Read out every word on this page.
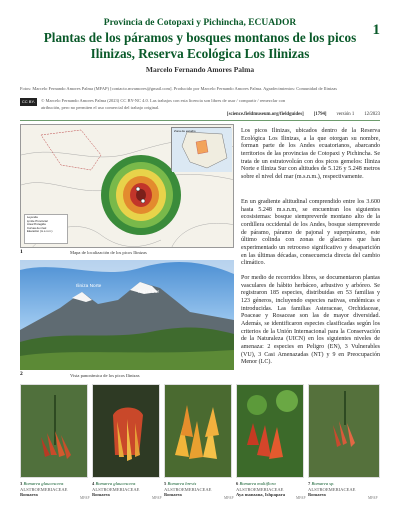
Provincia de Cotopaxi y Pichincha, ECUADOR
Plantas de los páramos y bosques montanos de los picos
Ilinizas, Reserva Ecológica Los Ilinizas
Marcelo Fernando Amores Palma
1
Fotos: Marcelo Fernando Amores Palma (MFAP) [contacto.mvamores@gmail.com]. Producido por Marcelo Fernando Amores Palma. Agradecimientos: Comunidad de Ilinizas
CC BY-NC
© Marcelo Fernando Amores Palma (2023) CC BY-NC 4.0. Las trabajos con esta licencia son libres de usar / compartir / remezclar con atribución, pero no permiten el uso comercial del trabajo original.
[science.fieldmuseum.org/fieldguides] [1794] versión 1 12/2023
Zona de estudio
Leyenda
Límite Provincial
Área Protegida
Curvas de nivel
Elevación (m.s.n.m.)
1	Mapa de localización de los picos Ilinizas
Iliniza Norte
Iliniza Sur
2	Vista panorámica de los picos Ilinizas

Los picos Ilinizas, ubicados dentro de la Reserva Ecológica Los Ilinizas, a la que otorgan su nombre, forman parte de los Andes ecuatorianos, abarcando territorios de las provincias de Cotopaxi y Pichincha. Se trata de un estratovolcán con dos picos gemelos: Iliniza Norte e Iliniza Sur con altitudes de 5.126 y 5.248 metros sobre el nivel del mar (m.s.n.m.), respectivamente.

En un gradiente altitudinal comprendido entre los 3.600 hasta 5.248 m.s.n.m, se encuentran los siguientes ecosistemas: bosque siempreverde montano alto de la cordillera occidental de los Andes, bosque siempreverde de páramo, páramo de pajonal y superpáramo, este último colinda con zonas de glaciares que han experimentado un retroceso significativo y desaparición en las últimas décadas, consecuencia directa del cambio climático.

Por medio de recorridos libres, se documentaron plantas vasculares de hábito herbáceo, arbustivo y arbóreo. Se registraron 185 especies, distribuidas en 53 familias y 123 géneros, incluyendo especies nativas, endémicas e introducidas. Las familias Asteraceae, Orchidaceae, Poaceae y Rosaceae son las de mayor diversidad. Además, se identificaron especies clasificadas según los criterios de la Unión Internacional para la Conservación de la Naturaleza (UICN) en los siguientes niveles de amenaza: 2 especies en Peligro (EN), 3 Vulnerables (VU), 3 Casi Amenazadas (NT) y 9 en Preocupación Menor (LC).

3 Bomarea glaucescens
ALSTROEMERIACEAE
Bomarea
4 Bomarea glaucescens
ALSTROEMERIACEAE
Bomarea
5 Bomarea brevis
ALSTROEMERIACEAE
Bomarea
6 Bomarea multiflora
ALSTROEMERIACEAE
Aya manzana, Ishpapara
7 Bomarea sp.
ALSTROEMERIACEAE
Bomarea
MFAP	MFAP	MFAP	MFAP	MFAP
